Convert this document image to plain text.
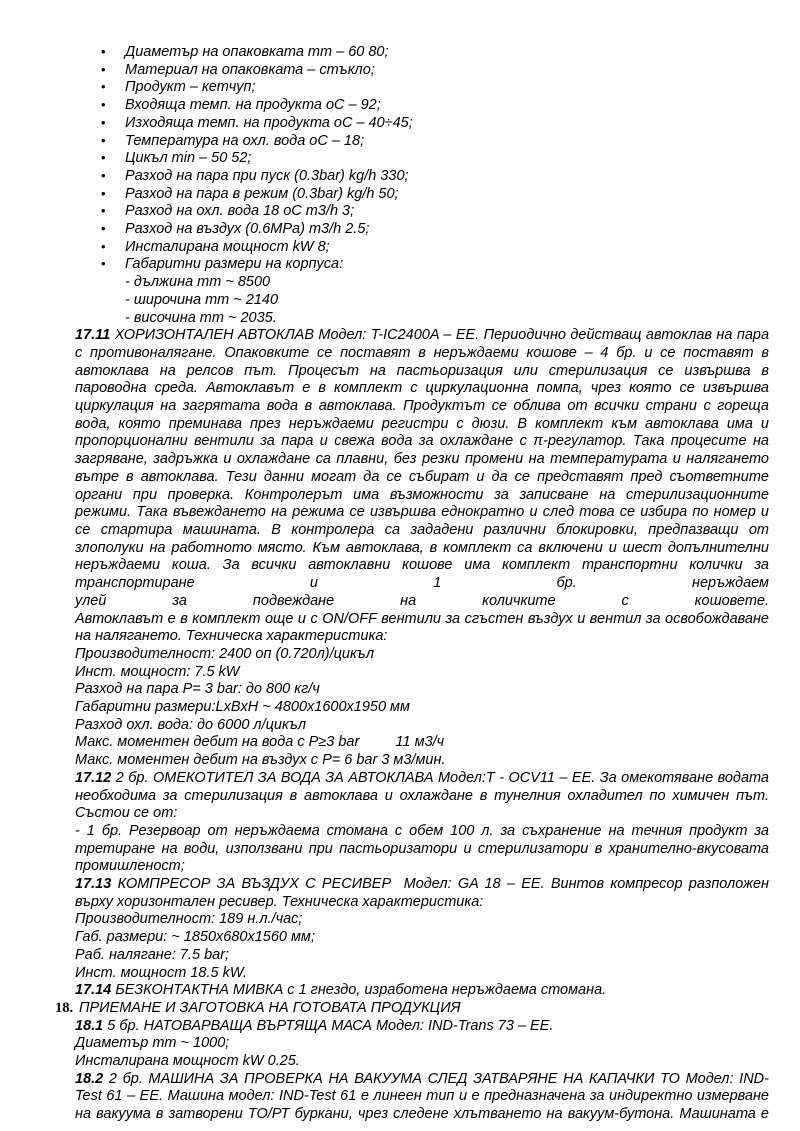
• Диаметър на опаковката mm – 60 80;
• Материал на опаковката – стъкло;
• Продукт – кетчуп;
• Входяща темп. на продукта оС – 92;
• Изходяща темп. на продукта оС – 40÷45;
• Температура на охл. вода оС – 18;
• Цикъл min – 50 52;
• Разход на пара при пуск (0.3bar) kg/h 330;
• Разход на пара в режим (0.3bar) kg/h 50;
• Разход на охл. вода 18 оС m3/h 3;
• Разход на въздух (0.6MPa) m3/h 2.5;
• Инсталирана мощност kW 8;
• Габаритни размери на корпуса:
- дължина mm ~ 8500
- широчина mm ~ 2140
- височина mm ~ 2035.

17.11 ХОРИЗОНТАЛЕН АВТОКЛАВ Модел: T-IC2400A – ЕЕ. Периодично действащ автоклав на пара с противоналягане. Опаковките се поставят в неръждаеми кошове – 4 бр. и се поставят в автоклава на релсов път. Процесът на пастьоризация или стерилизация се извършва в пароводна среда. Автоклавът е в комплект с циркулационна помпа, чрез която се извършва циркулация на загрятата вода в автоклава. Продуктът се облива от всички страни с гореща вода, която преминава през неръждаеми регистри с дюзи. В комплект към автоклава има и пропорционални вентили за пара и свежа вода за охлаждане с π-регулатор. Така процесите на загряване, задръжка и охлаждане са плавни, без резки промени на температурата и налягането вътре в автоклава. Тези данни могат да се събират и да се представят пред съответните органи при проверка. Контролерът има възможности за записване на стерилизационните режими. Така въвеждането на режима се извършва еднократно и след това се избира по номер и се стартира машината. В контролера са зададени различни блокировки, предпазващи от злополуки на работното място. Към автоклава, в комплект са включени и шест допълнителни неръждаеми коша. За всички автоклавни кошове има комплект транспортни колички за транспортиране и 1 бр. неръждаем

улей за подвеждане на количките с кошовете.

Автоклавът е в комплект още и с ON/OFF вентили за сгъстен въздух и вентил за освобождаване на налягането. Техническа характеристика:

Производителност: 2400 оп (0.720л)/цикъл
Инст. мощност: 7.5 kW
Разход на пара P= 3 bar: до 800 кг/ч
Габаритни размери:LxBxH ~ 4800х1600х1950 мм
Разход охл. вода: до 6000 л/цикъл
Макс. моментен дебит на вода с P≥3 bar         11 м3/ч
Макс. моментен дебит на въздух с P= 6 bar 3 м3/мин.

17.12 2 бр. ОМЕКОТИТЕЛ ЗА ВОДА ЗА АВТОКЛАВА Модел:Т - OCV11 – ЕЕ. За омекотяване водата необходима за стерилизация в автоклава и охлаждане в тунелния охладител по химичен път. Състои се от:

- 1 бр. Резервоар от неръждаема стомана с обем 100 л. за съхранение на течния продукт за третиране на води, използвани при пастьоризатори и стерилизатори в хранително-вкусовата промишленост;

17.13 КОМПРЕСОР ЗА ВЪЗДУХ С РЕСИВЕР  Модел: GA 18 – ЕЕ. Винтов компресор разположен върху хоризонтален ресивер. Техническа характеристика:

Производителност: 189 н.л./час;
Габ. размери: ~ 1850х680х1560 мм;
Раб. налягане: 7.5 bar;
Инст. мощност 18.5 kW.

17.14 БЕЗКОНТАКТНА МИВКА с 1 гнездо, изработена неръждаема стомана.

18. ПРИЕМАНЕ И ЗАГОТОВКА НА ГОТОВАТА ПРОДУКЦИЯ

18.1 5 бр. НАТОВАРВАЩА ВЪРТЯЩА МАСА Модел: IND-Trans 73 – ЕЕ.

Диаметър mm ~ 1000;
Инсталирана мощност kW 0.25.

18.2 2 бр. МАШИНА ЗА ПРОВЕРКА НА ВАКУУМА СЛЕД ЗАТВАРЯНЕ НА КАПАЧКИ ТО Модел: IND-Test 61 – ЕЕ. Машина модел: IND-Test 61 е линеен тип и е предназначена за индиректно измерване на вакуума в затворени ТО/РТ буркани, чрез следене хлътването на вакуум-бутона. Машината е
